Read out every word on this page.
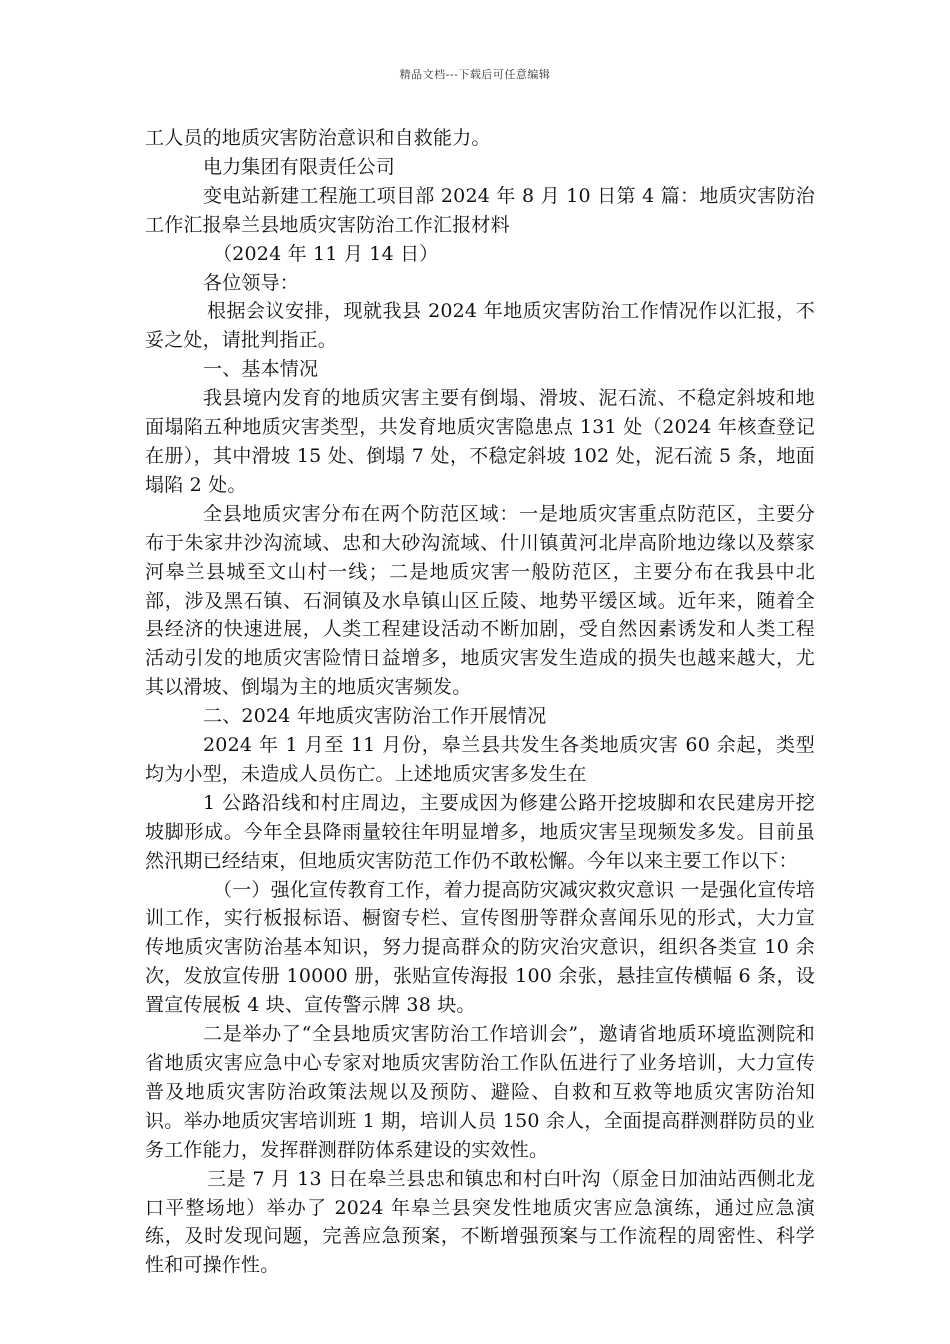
精品文档---下载后可任意编辑

工人员的地质灾害防治意识和自救能力。

电力集团有限责任公司

变电站新建工程施工项目部 2024 年 8 月 10 日第 4 篇：地质灾害防治工作汇报皋兰县地质灾害防治工作汇报材料

（2024 年 11 月 14 日）

各位领导：

根据会议安排，现就我县 2024 年地质灾害防治工作情况作以汇报，不妥之处，请批判指正。

一、基本情况

我县境内发育的地质灾害主要有倒塌、滑坡、泥石流、不稳定斜坡和地面塌陷五种地质灾害类型，共发育地质灾害隐患点 131 处（2024 年核查登记在册），其中滑坡 15 处、倒塌 7 处，不稳定斜坡 102 处，泥石流 5 条，地面塌陷 2 处。

全县地质灾害分布在两个防范区域：一是地质灾害重点防范区，主要分布于朱家井沙沟流域、忠和大砂沟流域、什川镇黄河北岸高阶地边缘以及蔡家河皋兰县城至文山村一线；二是地质灾害一般防范区，主要分布在我县中北部，涉及黑石镇、石洞镇及水阜镇山区丘陵、地势平缓区域。近年来，随着全县经济的快速进展，人类工程建设活动不断加剧，受自然因素诱发和人类工程活动引发的地质灾害险情日益增多，地质灾害发生造成的损失也越来越大，尤其以滑坡、倒塌为主的地质灾害频发。

二、2024 年地质灾害防治工作开展情况

2024 年 1 月至 11 月份，皋兰县共发生各类地质灾害 60 余起，类型均为小型，未造成人员伤亡。上述地质灾害多发生在

1 公路沿线和村庄周边，主要成因为修建公路开挖坡脚和农民建房开挖坡脚形成。今年全县降雨量较往年明显增多，地质灾害呈现频发多发。目前虽然汛期已经结束，但地质灾害防范工作仍不敢松懈。今年以来主要工作以下：

（一）强化宣传教育工作，着力提高防灾减灾救灾意识 一是强化宣传培训工作，实行板报标语、橱窗专栏、宣传图册等群众喜闻乐见的形式，大力宣传地质灾害防治基本知识，努力提高群众的防灾治灾意识，组织各类宣 10 余次，发放宣传册 10000 册，张贴宣传海报 100 余张，悬挂宣传横幅 6 条，设置宣传展板 4 块、宣传警示牌 38 块。

二是举办了“全县地质灾害防治工作培训会”，邀请省地质环境监测院和省地质灾害应急中心专家对地质灾害防治工作队伍进行了业务培训，大力宣传普及地质灾害防治政策法规以及预防、避险、自救和互救等地质灾害防治知识。举办地质灾害培训班 1 期，培训人员 150 余人，全面提高群测群防员的业务工作能力，发挥群测群防体系建设的实效性。

三是 7 月 13 日在皋兰县忠和镇忠和村白叶沟（原金日加油站西侧北龙口平整场地）举办了 2024 年皋兰县突发性地质灾害应急演练，通过应急演练，及时发现问题，完善应急预案，不断增强预案与工作流程的周密性、科学性和可操作性。
